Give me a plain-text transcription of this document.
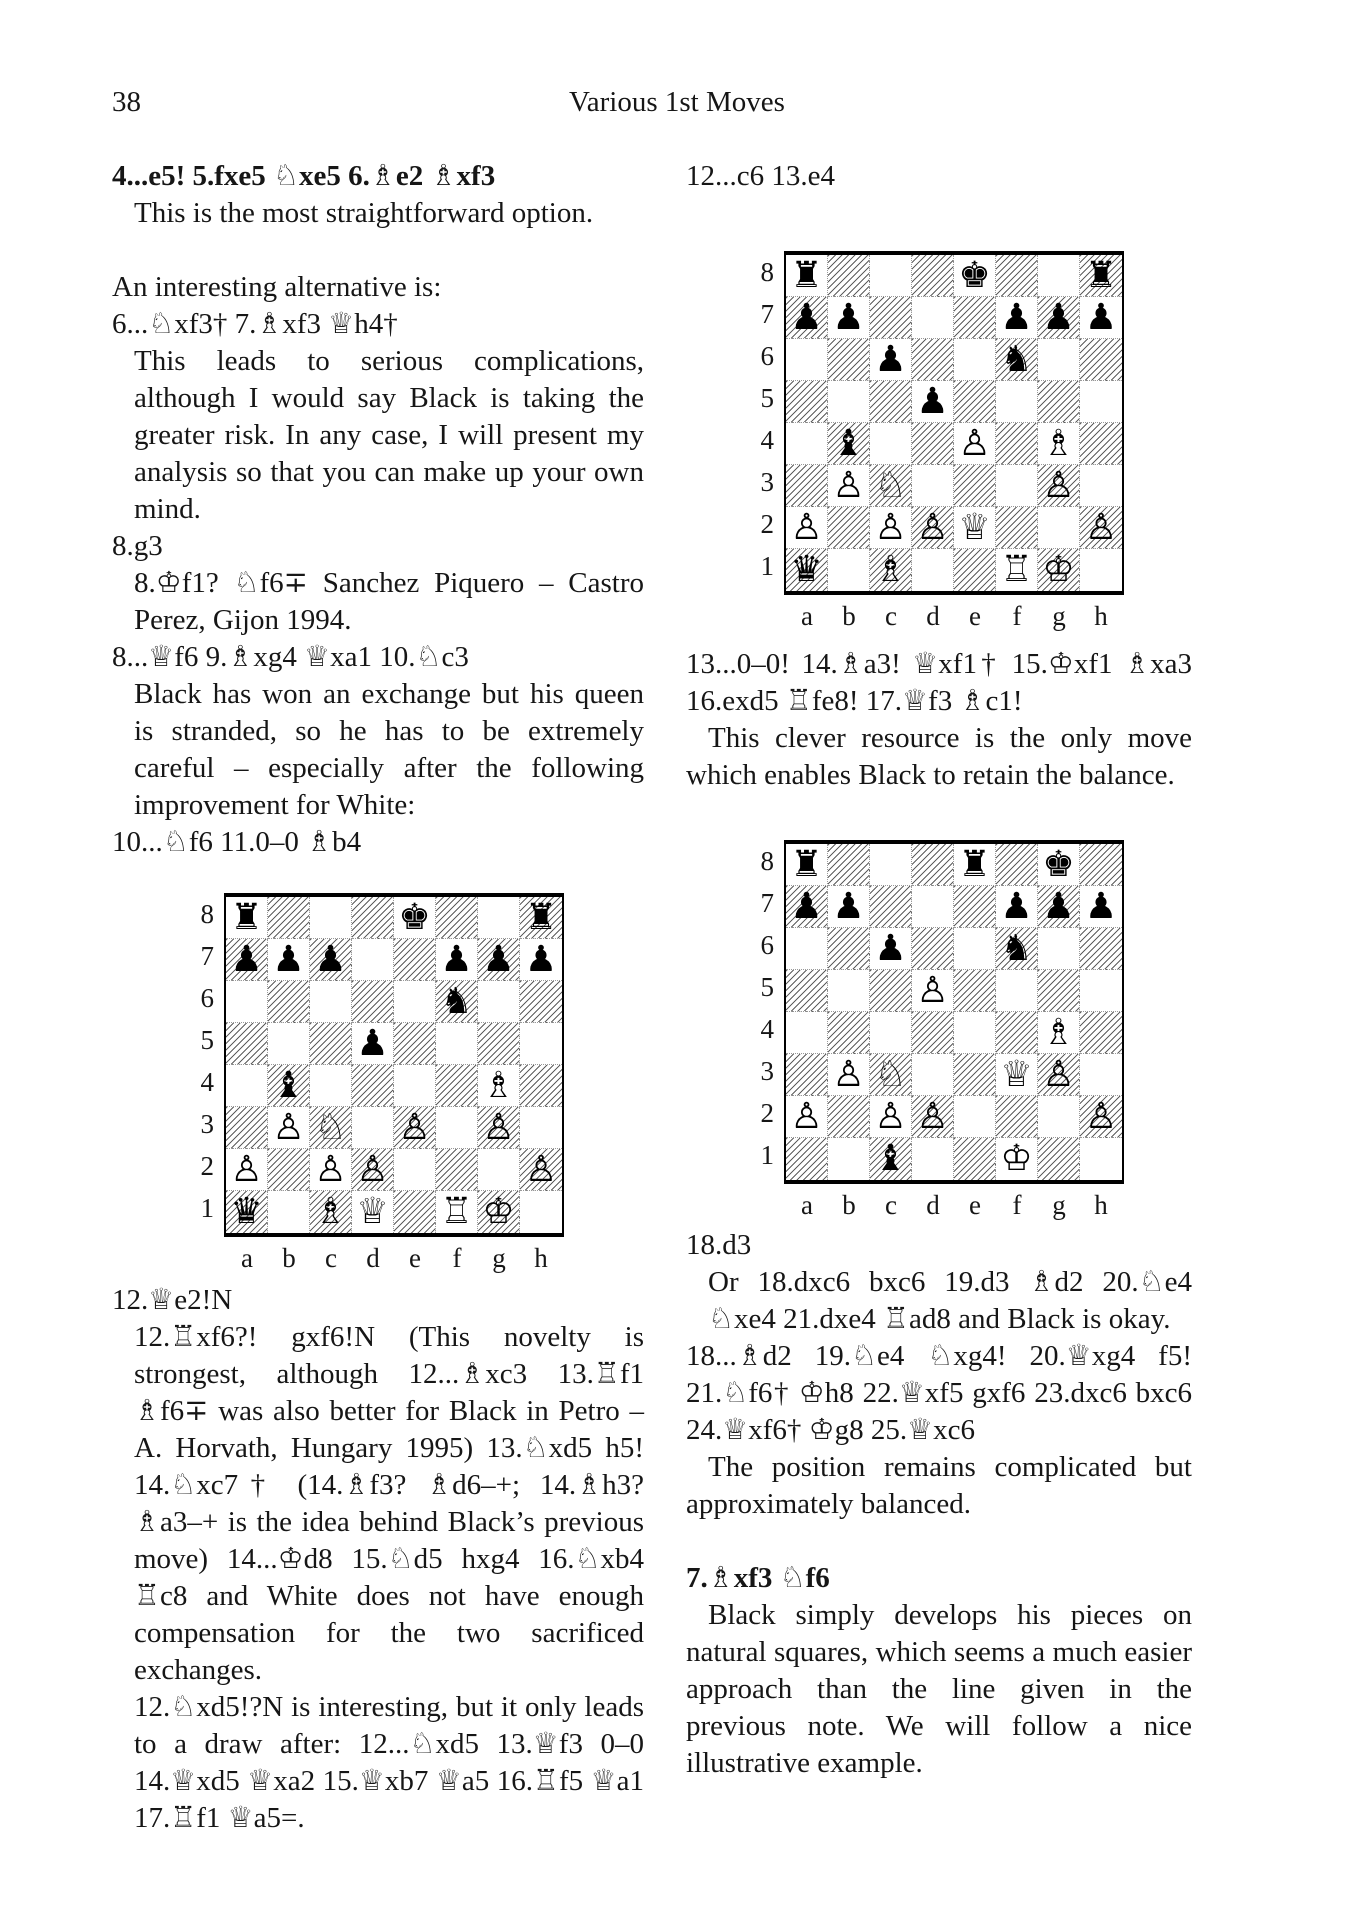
38	Various 1st Moves
4...e5! 5.fxe5 ♘xe5 6.♗e2 ♗xf3
This is the most straightforward option.
An interesting alternative is:
6...♘xf3† 7.♗xf3 ♕h4†
This leads to serious complications, although I would say Black is taking the greater risk. In any case, I will present my analysis so that you can make up your own mind.
8.g3
8.♔f1? ♘f6∓ Sanchez Piquero – Castro Perez, Gijon 1994.
8...♕f6 9.♗xg4 ♕xa1 10.♘c3
Black has won an exchange but his queen is stranded, so he has to be extremely careful – especially after the following improvement for White:
10...♘f6 11.0–0 ♗b4
8
7
6
5
4
3
2
1
♜	♚	♜
♟ ♟ ♟	♟ ♟ ♟
♞
♟
♝	♗
♙ ♘ ♙ ♙
♙ ♙ ♙	♙
♛ ♗ ♕ ♖ ♔
a	b	c	d	e	f	g	h
12.♕e2!N
12.♖xf6?! gxf6!N (This novelty is strongest, although 12...♗xc3 13.♖f1 ♗f6∓ was also better for Black in Petro – A. Horvath, Hungary 1995) 13.♘xd5 h5! 14.♘xc7† (14.♗f3? ♗d6–+; 14.♗h3? ♗a3–+ is the idea behind Black’s previous move) 14...♔d8 15.♘d5 hxg4 16.♘xb4 ♖c8 and White does not have enough compensation for the two sacrificed exchanges.
12.♘xd5!?N is interesting, but it only leads to a draw after: 12...♘xd5 13.♕f3 0–0 14.♕xd5 ♕xa2 15.♕xb7 ♕a5 16.♖f5 ♕a1 17.♖f1 ♕a5=.
12...c6 13.e4
8
7
6
5
4
3
2
1
♜	♚	♜
♟ ♟	♟ ♟ ♟
♟	♞
♟
♝	♙ ♗
♙ ♘	♙
♙ ♙ ♙ ♕	♙
♛ ♗	♖ ♔
a	b	c	d	e	f	g	h
13...0–0! 14.♗a3! ♕xf1† 15.♔xf1 ♗xa3 16.exd5 ♖fe8! 17.♕f3 ♗c1!
This clever resource is the only move which enables Black to retain the balance.
8
7
6
5
4
3
2
1
♜	♜ ♚
♟ ♟	♟ ♟ ♟
♟	♞
♙
♗
♙ ♘	♕ ♙
♙ ♙ ♙	♙
♝	♔
a	b	c	d	e	f	g	h
18.d3
Or 18.dxc6 bxc6 19.d3 ♗d2 20.♘e4 ♘xe4 21.dxe4 ♖ad8 and Black is okay.
18...♗d2 19.♘e4 ♘xg4! 20.♕xg4 f5! 21.♘f6† ♔h8 22.♕xf5 gxf6 23.dxc6 bxc6 24.♕xf6† ♔g8 25.♕xc6
The position remains complicated but approximately balanced.
7.♗xf3 ♘f6
Black simply develops his pieces on natural squares, which seems a much easier approach than the line given in the previous note. We will follow a nice illustrative example.
